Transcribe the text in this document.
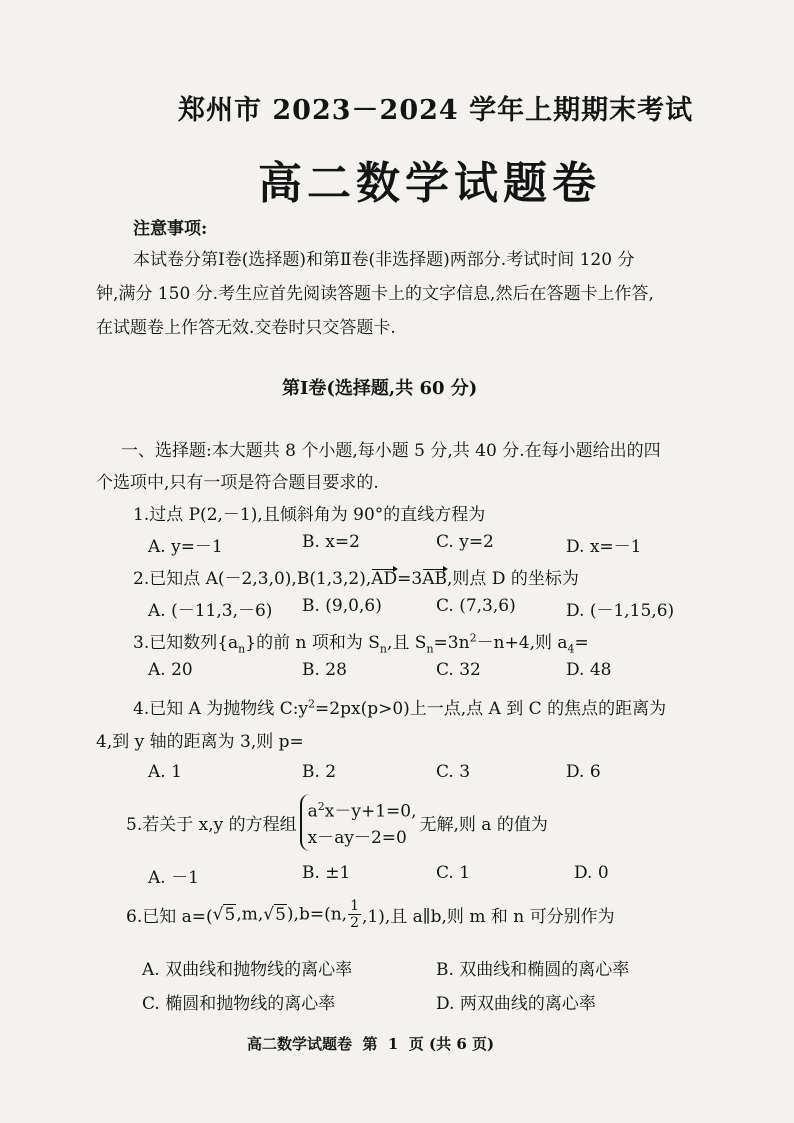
郑州市 2023－2024 学年上期期末考试
高二数学试题卷
注意事项:
本试卷分第Ⅰ卷(选择题)和第Ⅱ卷(非选择题)两部分.考试时间 120 分
钟,满分 150 分.考生应首先阅读答题卡上的文字信息,然后在答题卡上作答,
在试题卷上作答无效.交卷时只交答题卡.
第Ⅰ卷(选择题,共 60 分)
一、选择题:本大题共 8 个小题,每小题 5 分,共 40 分.在每小题给出的四
个选项中,只有一项是符合题目要求的.
1.过点 P(2,－1),且倾斜角为 90°的直线方程为
A. y=－1	B. x=2	C. y=2	D. x=－1
2.已知点 A(－2,3,0),B(1,3,2),AD=3AB,则点 D 的坐标为
A. (－11,3,－6) B. (9,0,6)	C. (7,3,6)	D. (－1,15,6)
3.已知数列$\{a_n\}$的前 n 项和为 $S_n$,且 $S_n=3n^2-n+4$,则 $a_4=$
A. 20	B. 28	C. 32	D. 48
4.已知 A 为抛物线 $C:y^2=2px(p>0)$上一点,点 A 到 C 的焦点的距离为
4,到 y 轴的距离为 3,则 p=
A. 1	B. 2	C. 3	D. 6
5.若关于 x,y 的方程组
$a^2x-y+1=0$,
x－ay－2=0
无解,则 a 的值为
A. －1	B. ±1	C. 1	D. 0
6.已知 a=(√5,m,√5),b=(n, $\frac{1}{2} ,1$),且 a∥b,则 m 和 n 可分别作为
A. 双曲线和抛物线的离心率	B. 双曲线和椭圆的离心率
C. 椭圆和抛物线的离心率	D. 两双曲线的离心率
高二数学试题卷  第  1  页 (共 6 页)
